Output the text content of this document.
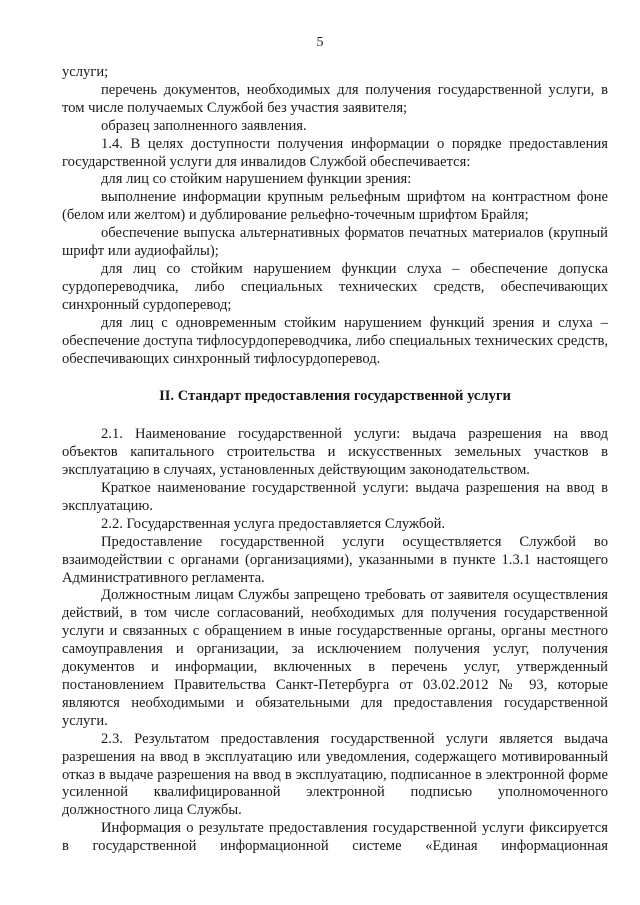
5

услуги;

перечень документов, необходимых для получения государственной услуги, в том числе получаемых Службой без участия заявителя;

образец заполненного заявления.

1.4. В целях доступности получения информации о порядке предоставления государственной услуги для инвалидов Службой обеспечивается:

для лиц со стойким нарушением функции зрения:

выполнение информации крупным рельефным шрифтом на контрастном фоне (белом или желтом) и дублирование рельефно-точечным шрифтом Брайля;

обеспечение выпуска альтернативных форматов печатных материалов (крупный шрифт или аудиофайлы);

для лиц со стойким нарушением функции слуха – обеспечение допуска сурдопереводчика, либо специальных технических средств, обеспечивающих синхронный сурдоперевод;

для лиц с одновременным стойким нарушением функций зрения и слуха – обеспечение доступа тифлосурдопереводчика, либо специальных технических средств, обеспечивающих синхронный тифлосурдоперевод.

II. Стандарт предоставления государственной услуги

2.1. Наименование государственной услуги: выдача разрешения на ввод объектов капитального строительства и искусственных земельных участков в эксплуатацию в случаях, установленных действующим законодательством.

Краткое наименование государственной услуги: выдача разрешения на ввод в эксплуатацию.

2.2. Государственная услуга предоставляется Службой.

Предоставление государственной услуги осуществляется Службой во взаимодействии с органами (организациями), указанными в пункте 1.3.1 настоящего Административного регламента.

Должностным лицам Службы запрещено требовать от заявителя осуществления действий, в том числе согласований, необходимых для получения государственной услуги и связанных с обращением в иные государственные органы, органы местного самоуправления и организации, за исключением получения услуг, получения документов и информации, включенных в перечень услуг, утвержденный постановлением Правительства Санкт-Петербурга от 03.02.2012 № 93, которые являются необходимыми и обязательными для предоставления государственной услуги.

2.3. Результатом предоставления государственной услуги является выдача разрешения на ввод в эксплуатацию или уведомления, содержащего мотивированный отказ в выдаче разрешения на ввод в эксплуатацию, подписанное в электронной форме усиленной квалифицированной электронной подписью уполномоченного должностного лица Службы.

Информация о результате предоставления государственной услуги фиксируется в государственной информационной системе «Единая информационная
